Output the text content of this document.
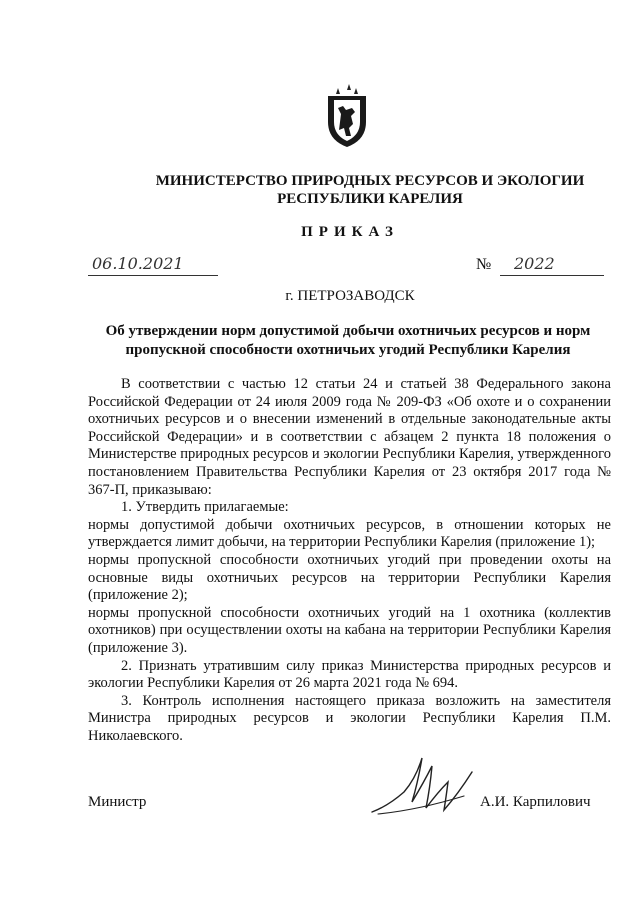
МИНИСТЕРСТВО ПРИРОДНЫХ РЕСУРСОВ И ЭКОЛОГИИ
РЕСПУБЛИКИ КАРЕЛИЯ
ПРИКАЗ
06.10.2021	№	2022
г. ПЕТРОЗАВОДСК
Об утверждении норм допустимой добычи охотничьих ресурсов и норм
пропускной способности охотничьих угодий Республики Карелия

В соответствии с частью 12 статьи 24 и статьей 38 Федерального закона Российской Федерации от 24 июля 2009 года № 209-ФЗ «Об охоте и о сохранении охотничьих ресурсов и о внесении изменений в отдельные законодательные акты Российской Федерации» и в соответствии с абзацем 2 пункта 18 положения о Министерстве природных ресурсов и экологии Республики Карелия, утвержденного постановлением Правительства Республики Карелия от 23 октября 2017 года № 367-П, приказываю:

1. Утвердить прилагаемые:

нормы допустимой добычи охотничьих ресурсов, в отношении которых не утверждается лимит добычи, на территории Республики Карелия (приложение 1);

нормы пропускной способности охотничьих угодий при проведении охоты на основные виды охотничьих ресурсов на территории Республики Карелия (приложение 2);

нормы пропускной способности охотничьих угодий на 1 охотника (коллектив охотников) при осуществлении охоты на кабана на территории Республики Карелия (приложение 3).

2. Признать утратившим силу приказ Министерства природных ресурсов и экологии Республики Карелия от 26 марта 2021 года № 694.

3. Контроль исполнения настоящего приказа возложить на заместителя Министра природных ресурсов и экологии Республики Карелия П.М. Николаевского.

Министр	А.И. Карпилович
